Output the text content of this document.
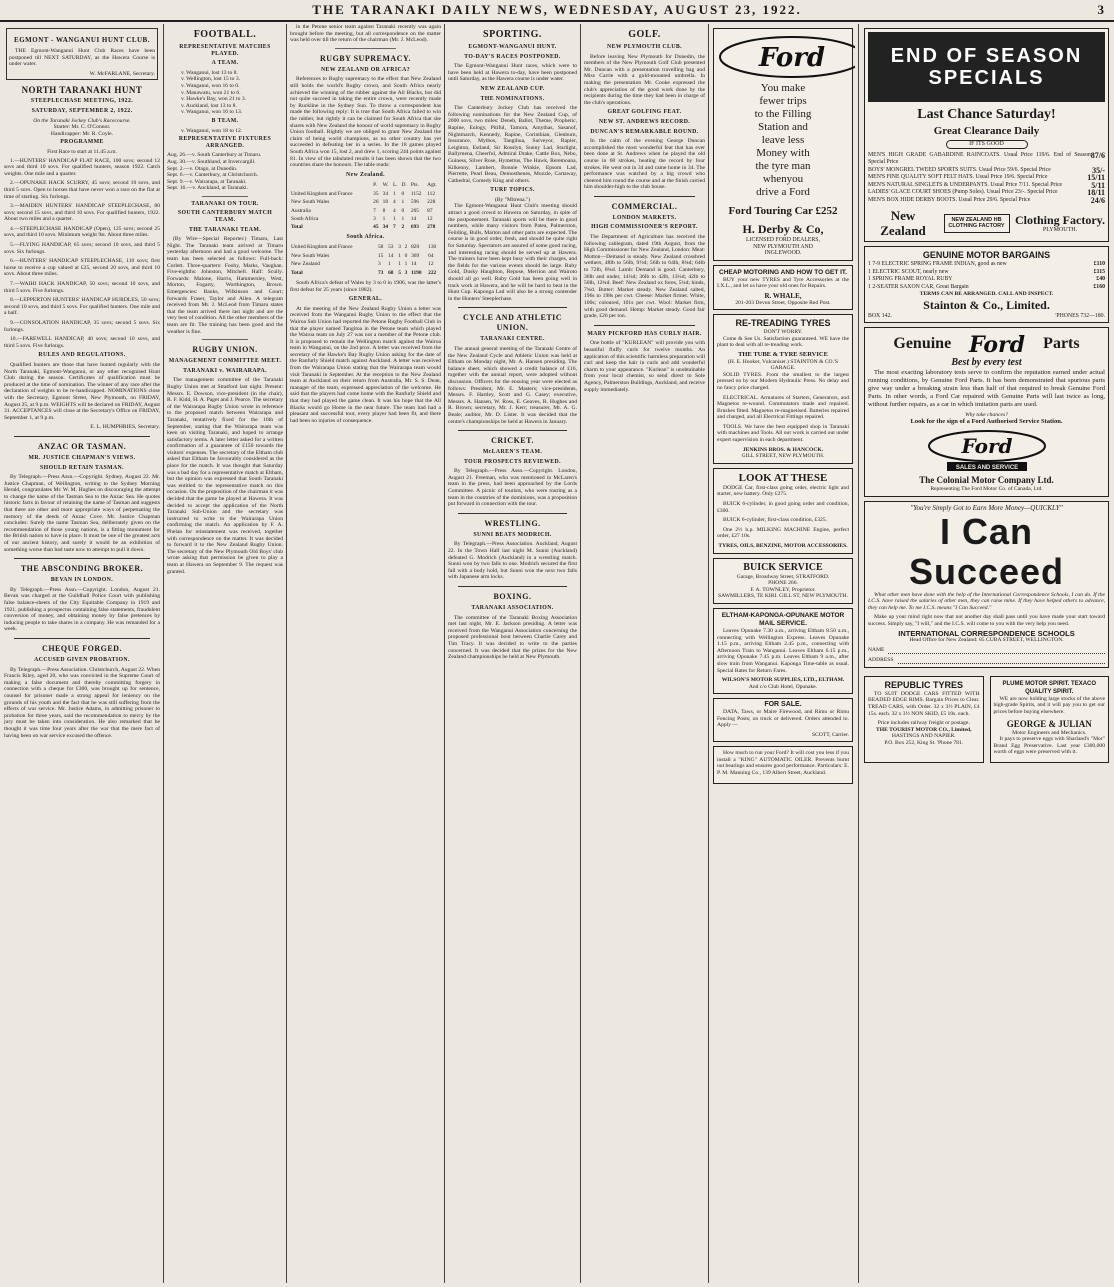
THE TARANAKI DAILY NEWS, WEDNESDAY, AUGUST 23, 1922.	3
EGMONT - WANGANUI HUNT CLUB.

THE Egmont-Wanganui Hunt Club Races have been postponed till NEXT SATURDAY, as the Hawera Course is under water.

W. McFARLANE, Secretary.
NORTH TARANAKI HUNT
STEEPLECHASE MEETING, 1922.
SATURDAY, SEPTEMBER 2, 1922.
On the Taranaki Jockey Club's Racecourse.
Starter: Mr. C. O'Connor.
Handicapper: Mr. R. Coyle.
PROGRAMME
First Race to start at 11.45 a.m.

1.—HUNTERS' HANDICAP FLAT RACE, 100 sovs; second 12 sovs and third 10 sovs. For qualified hunters, season 1922. Catch weights. One mile and a quarter.

2.—OPUNAKE HACK SCURRY, 45 sovs; second 10 sovs, and third 5 sovs. Open to horses that have never won a race on the flat at time of starting. Six furlongs.

3.—MAIDEN HUNTERS' HANDICAP STEEPLECHASE, 80 sovs; second 15 sovs, and third 10 sovs. For qualified hunters, 1922. About two miles and a quarter.

4.—STEEPLECHASE HANDICAP (Open), 125 sovs; second 25 sovs, and third 10 sovs. Minimum weight 9st. About three miles.

5.—FLYING HANDICAP, 65 sovs; second 10 sovs, and third 5 sovs. Six furlongs.

6.—HUNTERS' HANDICAP STEEPLECHASE, 110 sovs; first horse to receive a cup valued at £25, second 20 sovs, and third 10 sovs. About three miles.

7.—WAIHI HACK HANDICAP, 50 sovs; second 10 sovs, and third 5 sovs. Five furlongs.

8.—LEPPERTON HUNTERS' HANDICAP HURDLES, 50 sovs; second 10 sovs, and third 5 sovs. For qualified hunters. One mile and a half.

9.—CONSOLATION HANDICAP, 35 sovs; second 5 sovs. Six furlongs.

10.—FAREWELL HANDICAP, 40 sovs; second 10 sovs, and third 5 sovs. Five furlongs.

RULES AND REGULATIONS.

Qualified hunters are those that have hunted regularly with the North Taranaki, Egmont-Wanganui, or any other recognised Hunt Club during the season. Certificates of qualification must be produced at the time of nomination. The winner of any race after the declaration of weights to be re-handicapped. NOMINATIONS close with the Secretary, Egmont Street, New Plymouth, on FRIDAY, August 25, at 9 p.m. WEIGHTS will be declared on FRIDAY, August 31. ACCEPTANCES will close at the Secretary's Office on FRIDAY, September 1, at 9 p.m.

E. L. HUMPHRIES, Secretary.
ANZAC OR TASMAN.
MR. JUSTICE CHAPMAN'S VIEWS.
SHOULD RETAIN TASMAN.

By Telegraph.—Press Assn.—Copyright. Sydney, August 22. Mr. Justice Chapman, of Wellington, writing to the Sydney Morning Herald, congratulates Mr. W. M. Hughes on discouraging the attempt to change the name of the Tasman Sea to the Anzac Sea. He quotes historic facts in favour of retaining the name of Tasman and suggests that there are other and more appropriate ways of perpetuating the memory of the deeds of Anzac Cove. Mr. Justice Chapman concludes: Surely the name Tasman Sea, deliberately given on the recommendation of those young nations, is a fitting monument for the British nation to have in place. It must be one of the greatest acts of our ancient history, and surely it would be an exhibition of something worse than bad taste now to attempt to pull it down.

THE ABSCONDING BROKER.
BEVAN IN LONDON.

By Telegraph.—Press Assn.—Copyright. London, August 21. Bevan was charged at the Guildhall Police Court with publishing false balance-sheets of the City Equitable Company in 1919 and 1921, publishing a prospectus containing false statements, fraudulent conversion of money, and obtaining money by false pretences by inducing people to take shares in a company. He was remanded for a week.

CHEQUE FORGED.
ACCUSED GIVEN PROBATION.

By Telegraph.—Press Association. Christchurch, August 22. When Francis Riley, aged 20, who was convicted in the Supreme Court of making a false document and thereby committing forgery in connection with a cheque for £300, was brought up for sentence, counsel for prisoner made a strong appeal for leniency on the grounds of his youth and the fact that he was still suffering from the effects of war service. Mr. Justice Adams, in admitting prisoner to probation for three years, said the recommendation to mercy by the jury must be taken into consideration. He also remarked that he thought it was time four years after the war that the mere fact of having been on war service excused the offence.

FOOTBALL.
REPRESENTATIVE MATCHES PLAYED.
A TEAM.
v. Wanganui, lost 13 to 8.
v. Wellington, lost 15 to 3.
v. Wanganui, won 16 to 0.
v. Manawatu, won 21 to 6.
v. Hawke's Bay, won 21 to 3.
v. Auckland, lost 13 to 8.
v. Wanganui, won 16 to 13.
B TEAM.
v. Wanganui, won 18 to 12.
REPRESENTATIVE FIXTURES ARRANGED.
Aug. 26.—v. South Canterbury at Timaru.
Aug. 30.—v. Southland, at Invercargill.
Sept. 2.—v. Otago, at Dunedin.
Sept. 6.—v. Canterbury, at Christchurch.
Sept. 9.—v. Wairarapa, at Taranaki.
Sept. 16.—v. Auckland, at Taranaki.
TARANAKI ON TOUR.
SOUTH CANTERBURY MATCH TEAM.
THE TARANAKI TEAM.

(By Wire—Special Reporter.) Timaru, Last Night. The Taranaki team arrived at Timaru yesterday afternoon and had a good welcome. The team has been selected as follows: Full-back: Corlett. Three-quarters: Foohy, Marks, Vaughan. Five-eighths: Johnston, Mitchell. Half: Scully. Forwards: Malone, Harris, Hammersley, West, Morton, Fogarty, Worthington, Brown. Emergencies: Banks, Wilkinson and Court; forwards Fraser, Taylor and Allen. A telegram received from Mr. J. McLeod from Timaru states that the team arrived there last night and are the very best of condition. All the other members of the team are fit. The training has been good and the weather is fine.

RUGBY UNION.
MANAGEMENT COMMITTEE MEET.
TARANAKI v. WAIRARAPA.

The management committee of the Taranaki Rugby Union met at Stratford last night. Present: Messrs. E. Dowson, vice-president (in the chair), R. F. Kidd, H. A. Paget and J. Pearce. The secretary of the Wairarapa Rugby Union wrote in reference to the proposed match between Wairarapa and Taranaki, tentatively fixed for the 16th of September, stating that the Wairarapa team was keen on visiting Taranaki, and hoped to arrange satisfactory terms. A later letter asked for a written confirmation of a guarantee of £150 towards the visitors' expenses. The secretary of the Eltham club asked that Eltham be favourably considered as the place for the match. It was thought that Saturday was a bad day for a representative match at Eltham, but the opinion was expressed that South Taranaki was entitled to the representative match on this occasion. On the proposition of the chairman it was decided that the game be played at Hawera. It was decided to accept the application of the North Taranaki Sub-Union and the secretary was instructed to write to the Wairarapa Union confirming the match. An application by F. A. Phelan for reinstatement was received, together with correspondence on the matter. It was decided to forward it to the New Zealand Rugby Union. The secretary of the New Plymouth Old Boys' club wrote asking that permission be given to play a team at Hawera on September 9. The request was granted.

in the Petone senior team against Taranaki recently was again brought before the meeting, but all correspondence on the matter was held over till the return of the chairman (Mr. J. McLeod).

RUGBY SUPREMACY.
NEW ZEALAND OR AFRICA?

References to Rugby supremacy to the effect that New Zealand still holds the world's Rugby crown, and South Africa nearly achieved the winning of the rubber against the All Blacks, but did not quite succeed in taking the entire crown, were recently made by Ruckline in the Sydney Sun. To throw a correspondent has made the following reply: It is true that South Africa failed to win the rubber, but rightly it can be claimed for South Africa that she shares with New Zealand the honour of world supremacy in Rugby Union football. Rightly we are obliged to grant New Zealand the claim of being world champions, as no other country has yet succeeded in defeating her in a series. In the 18 games played South Africa won 15, lost 2, and drew 1, scoring 244 points against 81. In view of the tabulated results it has been shown that the two countries share the honours. The table reads:

New Zealand.
	P.	W.	L.	D.	Pts.	Agt.
United Kingdom and France	35	34	1	0	1152	112
New South Wales	26	18	4	1	596	228
Australia	7	8	4	0	205	87
South Africa	3	1	1	1	14	12
Total	45	34	7	2	693	278
South Africa.
United Kingdom and France	58	53	3	2	820	130
New South Wales	15	14	1	0	369	64
New Zealand	3	1	1	1	14	12
Total	73	68	5	3	1190	222

South Africa's defeat of Wales by 3 to 0 in 1906, was the latter's first defeat for 25 years (since 1882).

GENERAL.

At the meeting of the New Zealand Rugby Union a letter was received from the Wanganui Rugby Union to the effect that the Wairoa Sub Union had reported the Petone Rugby Football Club in that the player named Tangitoa in the Petone team which played the Wairoa team on July 27 was not a member of the Petone club. It is proposed to remain the Wellington match against the Wairoa team in Wanganui, on the 2nd prox. A letter was received from the secretary of the Hawke's Bay Rugby Union asking for the date of the Ranfurly Shield match against Auckland. A letter was received from the Wairarapa Union stating that the Wairarapa team would visit Taranaki in September. At the reception to the New Zealand team at Auckland on their return from Australia, Mr. S. S. Dean, manager of the team, expressed appreciation of the welcome. He said that the players had come home with the Ranfurly Shield and that they had played the game clean. It was his hope that the All Blacks would go Home in the near future. The team had had a pleasant and successful tour, every player had been fit, and there had been no injuries of consequence.

SPORTING.
EGMONT-WANGANUI HUNT.
TO-DAY'S RACES POSTPONED.

The Egmont-Wanganui Hunt races, which were to have been held at Hawera to-day, have been postponed until Saturday, as the Hawera course is under water.

NEW ZEALAND CUP.
THE NOMINATIONS.

The Canterbury Jockey Club has received the following nominations for the New Zealand Cup, of 2000 sovs, two miles: Deneb, Ballot, Theme, Prophetic, Rapine, Eulogy, Pitiful, Tamora, Amythas, Sasanof, Nightmarch, Kennedy, Rapine, Corinthian, Glenburn, Insurance, Mythos, Tangihua, Surveyor, Rapier, Leighton, Estland, Sir Rosslyn, Sunny Lad, Starlight, Ballymena, Cheerful, Admiral Drake, Cattle Box, Nebo, Guiness, Silver Rose, Hymettus, The Hawk, Reremoana, Kilkenny, Lambert, Bonnie Winkie, Epsom Lad, Pierrette, Pearl Beau, Demosthenes, Muzzle, Cartaway, Cathedral, Comedy King and others.

TURF TOPICS.
(By "Mitrena.")

The Egmont-Wanganui Hunt Club's meeting should attract a good crowd to Hawera on Saturday, in spite of the postponement. Taranaki sports will be there in good numbers, while many visitors from Patea, Palmerston, Feilding, Bulls, Marton and other parts are expected. The course is in good order, fresh, and should be quite right for Saturday. Spectators are assured of some good racing, and interesting racing should be served up at Hawera. The trainers have been kept busy with their charges, and the fields for the various events should be large. Ruby Gold, Dusky Haughton, Repose, Merrion and Wairoto should all go well. Ruby Gold has been going well in track work at Hawera, and he will be hard to beat in the Hunt Cup. Kaponga Lad will also be a strong contender in the Hunters' Steeplechase.

CYCLE AND ATHLETIC UNION.
TARANAKI CENTRE.

The annual general meeting of the Taranaki Centre of the New Zealand Cycle and Athletic Union was held at Eltham on Monday night, Mr. A. Hansen presiding. The balance sheet, which showed a credit balance of £16, together with the annual report, were adopted without discussion. Officers for the ensuing year were elected as follows: President, Mr. E. Masters; vice-presidents, Messrs. F. Hartley, Scott and G. Casey; executive, Messrs. A. Hansen, W. Ross, E. Geaves, R. Hughes and R. Brown; secretary, Mr. J. Kerr; treasurer, Mr. A. G. Beale; auditor, Mr. D. Lister. It was decided that the centre's championships be held at Hawera in January.

CRICKET.
McLAREN'S TEAM.
TOUR PROSPECTS REVIEWED.

By Telegraph.—Press Assn.—Copyright. London, August 21. Freeman, who was mentioned in McLaren's team in the press, had been approached by the Lords Committee. A picnic of tourists, who were touring as a team in the countries of the dominions, was a proposition put forward in connection with the tour.

WRESTLING.
SUNNI BEATS MODRICH.

By Telegraph.—Press Association. Auckland, August 22. In the Town Hall last night M. Sunni (Auckland) defeated G. Modrich (Auckland) in a wrestling match. Sunni won by two falls to one. Modrich secured the first fall with a body hold, but Sunni won the next two falls with Japanese arm locks.

BOXING.
TARANAKI ASSOCIATION.

The committee of the Taranaki Boxing Association met last night, Mr. E. Jackson presiding. A letter was received from the Wanganui Association concerning the proposed professional bout between Charlie Carey and Tim Tracy. It was decided to write to the parties concerned. It was decided that the prizes for the New Zealand championships be held at New Plymouth.

GOLF.
NEW PLYMOUTH CLUB.

Before leaving New Plymouth for Dunedin, the members of the New Plymouth Golf Club presented Mr. Duncan with a presentation travelling bag and Miss Carrie with a gold-mounted umbrella. In making the presentation Mr. Cooke expressed the club's appreciation of the good work done by the recipients during the time they had been in charge of the club's operations.

GREAT GOLFING FEAT.
NEW ST. ANDREWS RECORD.
DUNCAN'S REMARKABLE ROUND.

In the calm of the evening George Duncan accomplished the most wonderful feat that has ever been done at St. Andrews when he played the old course in 68 strokes, beating the record by four strokes. He went out in 34 and came home in 34. The performance was watched by a big crowd who cheered him round the course and at the finish carried him shoulder-high to the club house.

COMMERCIAL.
LONDON MARKETS.
HIGH COMMISSIONER'S REPORT.

The Department of Agriculture has received the following cablegram, dated 19th August, from the High Commissioner for New Zealand, London: Meat: Mutton—Demand is steady. New Zealand crossbred wethers, 48lb to 56lb, 9½d; 56lb to 64lb, 8¾d; 64lb to 72lb, 8¾d. Lamb: Demand is good. Canterbury, 36lb and under, 14¼d; 36lb to 42lb, 13¼d; 42lb to 50lb, 12¾d. Beef: New Zealand ox fores, 5¼d; hinds, 7¾d. Butter: Market steady. New Zealand salted, 196s to 198s per cwt. Cheese: Market firmer. White, 100s; coloured, 101s per cwt. Wool: Market firm, with good demand. Hemp: Market steady. Good fair grade, £26 per ton.

MARY PICKFORD HAS CURLY HAIR.

One bottle of "KURLEAN" will provide you with beautiful fluffy curls for twelve months. An application of this scientific harmless preparation will curl and keep the hair in curls and add wonderful charm to your appearance. "Kurlean" is unobtainable from your local chemist, so send direct to Sole Agency, Palmerston Buildings, Auckland, and receive supply immediately.

Ford
You make
fewer trips
to the Filling
Station and
leave less
Money with
the tyre man
whenyou
drive a Ford
Ford Touring Car £252
H. Derby & Co,
LICENSED FORD DEALERS,
NEW PLYMOUTH AND
INGLEWOOD.
CHEAP MOTORING AND HOW TO GET IT.

BUY your new TYRES and Tyre Accessories at the I.X.L., and let us have your old ones for Repairs.

R. WHALE,
201-203 Devon Street, Opposite Red Post.
RE-TREADING TYRES
DON'T WORRY.

Come & See Us. Satisfaction guaranteed. WE have the plant to deal with all re-treading work.

THE TUBE & TYRE SERVICE
(H. E. Hooker, Vulcaniser.) STAINTON & CO.'S GARAGE.

SOLID TYRES. From the smallest to the largest pressed on by our Modern Hydraulic Press. No delay and no fancy price charged.

ELECTRICAL. Armatures of Starters, Generators, and Magnetos re-wound. Commutators made and repaired. Brushes fitted. Magnetos re-magnetised. Batteries repaired and charged, and all Electrical Fittings repaired.

TOOLS. We have the best equipped shop in Taranaki with machines and Tools. All our work is carried out under expert supervision in each department.

JENKINS BROS. & HANCOCK.
GILL STREET, NEW PLYMOUTH.
LOOK AT THESE

DODGE Car, first-class going order, electric light and starter, new battery. Only £275.

BUICK 6-cylinder, in good going order and condition, £300.

BUICK 6-cylinder, first-class condition, £325.

One 2½ h.p. MILKING MACHINE Engine, perfect order, £27 10s.

TYRES, OILS, BENZINE, MOTOR ACCESSORIES.
BUICK SERVICE
Garage, Broadway Street, STRATFORD.
PHONE 266.
F. A. TOWNLEY, Proprietor.
SAWMILLERS, TE KIRI. GILL ST, NEW PLYMOUTH.
ELTHAM-KAPONGA-OPUNAKE MOTOR MAIL SERVICE.

Leaves Opunake 7.30 a.m., arriving Eltham 8.50 a.m., connecting with Wellington Express. Leaves Opunake 1.15 p.m., arriving Eltham 2.45 p.m., connecting with Afternoon Train to Wanganui. Leaves Eltham 6.15 p.m., arriving Opunake 7.45 p.m. Leaves Eltham 9 a.m., after slow train from Wanganui. Kaponga Time-table as usual. Special Rates for Return Fares.

WILSON'S MOTOR SUPPLIES, LTD., ELTHAM.
And c/o Club Hotel, Opunake.
FOR SALE.

DATA, Taws, or Maire Firewood, and Rimu or Rimu Fencing Posts; on truck or delivered. Orders attended to. Apply —

SCOTT, Carrier.

How much to run your Ford? It will cost you less if you install a "KING" AUTOMATIC OILER. Prevents burnt out bearings and ensures good performance. Particulars: E. P. M. Manning Co., 139 Albert Street, Auckland.

END OF SEASON SPECIALS
Last Chance Saturday!
Great Clearance Daily
IF ITS GOOD
MEN'S HIGH GRADE GABARDINE RAINCOATS. Usual Price 119/6. End of Season Special Price
87/6
BOYS' MONGREL TWEED SPORTS SUITS. Usual Price 59/6. Special Price	35/-
MEN'S FINE QUALITY SOFT FELT HATS. Usual Price 19/6. Special Price	15/11
MEN'S NATURAL SINGLETS & UNDERPANTS. Usual Price 7/11. Special Price	5/11
LADIES' GLACE COURT SHOES (Pump Soles). Usual Price 23/-. Special Price	18/11
MEN'S BOX HIDE DERBY BOOTS. Usual Price 29/6. Special Price	24/6
New Zealand
NEW ZEALAND HB CLOTHING FACTORY Clothing Factory.
PLYMOUTH.
GENUINE MOTOR BARGAINS
1 7-9 ELECTRIC SPRING FRAME INDIAN, good as new	£110
1 ELECTRIC SCOUT, nearly new	£115
1 SPRING FRAME ROYAL RUBY	£40
1 2-SEATER SAXON CAR, Great Bargain	£160
TERMS CAN BE ARRANGED. CALL AND INSPECT.
Stainton & Co., Limited.
BOX 142.	'PHONES 732—180.
Genuine Ford Parts
Best by every test

The most exacting laboratory tests serve to confirm the reputation earned under actual running conditions, by Genuine Ford Parts. It has been demonstrated that spurious parts give way under a breaking strain less than half of that required to break Genuine Ford Parts. In other words, a Ford Car repaired with Genuine Parts will last twice as long, without further repairs, as a car in which imitation parts are used.

Why take chances?
Look for the sign of a Ford Authorised Service Station.
Ford
SALES AND SERVICE
The Colonial Motor Company Ltd.
Representing The Ford Motor Co. of Canada, Ltd.
"You're Simply Got to Earn More Money—QUICKLY"
I Can Succeed

What other men have done with the help of the International Correspondence Schools, I can do. If the I.C.S. have raised the salaries of other men, they can raise mine. If they have helped others to advance, they can help me. To me I.C.S. means "I Can Succeed."

Make up your mind right now that not another day shall pass until you have made your start toward success. Simply say, "I will," and the I.C.S. will come to you with the very help you need.

INTERNATIONAL CORRESPONDENCE SCHOOLS
Head Office for New Zealand: 85 CUBA STREET, WELLINGTON.
NAME
ADDRESS
REPUBLIC TYRES

TO SUIT DODGE CARS FITTED WITH BEADED EDGE RIMS. Bargain Prices to Clear. TREAD CARS, with Order. 32 x 3½ PLAIN, £4 15s. each. 32 x 3½ NON SKID, £5 10s. each.

Price includes railway freight or postage.
THE TOURIST MOTOR CO., Limited,
HASTINGS AND NAPIER.
P.O. Box 252, King St. 'Phone 781.
PLUME MOTOR SPIRIT. TEXACO QUALITY SPIRIT.

WE are now holding large stocks of the above high-grade Spirits, and it will pay you to get our prices before buying elsewhere.

GEORGE & JULIAN
Motor Engineers and Mechanics.

It pays to preserve eggs with Sharland's "Mor" Brand Egg Preservative. Last year £300,000 worth of eggs were preserved with it.
